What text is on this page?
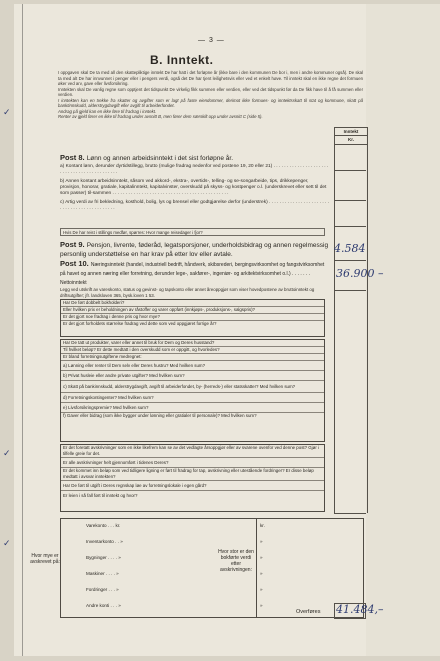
— 3 —
B. Inntekt.

I oppgaven skal De ta med all den skattepliktige inntekt De har hatt i det forløpne år (ikke bare i den kommunen De bor i, men i andre kommuner også). De skal ta med alt De har innvunnet i penger eller i pengers verdi, også det De har tjent leilighetsvis eller ved et enkelt høve. Til inntekt skal en ikke regne det formuen øker ved arv, gave eller livsforsikring.

Inntekten skal De vanlig regne som opptjent det tidspunkt De virkelig fikk summen eller verdien, eller ved det tidspunkt før da De fikk have til å få summen eller verdien.

I inntekten kan en trekke fra skatter og avgifter som er lagt på faste eiendommer, derimot ikke formues- og inntektsskatt til stat og kommune, skatt på banktinnskudd, alderstrygdavgift eller avgift til arbeiderfondet.

Andrag på gjeld kan en ikke føre til fradrag i inntekt.

Renter av gjeld fører en ikke til fradrag under avsnitt B, men fører dem særskilt opp under avsnitt C (side 5).

Inntekt
Kr.
Post 8. Lønn og annen arbeidsinntekt i det sist forløpne år.
a) Kontant lønn, derunder dyrtidstillegg, brutto (mulige fradrag nedenfor ved postene 19, 20 eller 21) . . . . . . . . . . . . . . . . . . . . . . . . . . . . . . . . . . . . . . . . . . .
b) Annen kontant arbeidsinntekt, såsom ved akkord-, ekstra-, overtids-, telling- og se-songarbeide, tips, drikkepenger, provisjon, honorar, gratiale, kapitalinntekt, kapitalvinster, overskudd på skyss- og kostpenger o.l. (underskrevet eller sett til det som passer) til-sammen . . . . . . . . . . . . . . . . . . . . . . . . . . . . . . . . . . . . . . . . . . . .
c) Artig verdi av fri bekledning, kosthold, bolig, lys og brensel eller godtgjørelse derfor (understrek) . . . . . . . . . . . . . . . . . . . . . . . . . . . . . . . . . . . . . . . . . . . .
Hvis De har reist i stillings medfør, spørres: Hvor mange reisedager i fjor?
Post 9. Pensjon, livrente, føderåd, legatsporsjoner, underholdsbidrag og annen regelmessig personlig understøttelse en har krav på etter lov eller avtale.	4.584
Post 10. Næringsinntekt (handel, industriell bedrift, håndverk, skibsrederi, bergingsvirksomhet og fangstvirksomhet på havet og annen næring eller forretning, derunder lege-, sakfører-, ingeniør- og arkitektvirksomhet o.l.) . . . . . . . Nettoinntekt
Legg ved utskrift av vareskonto, status og gevinst- og tapskonto eller annet åreoppgjør som viser hovedpostene av bruttoinntekt og driftsutgifter; jfr. landsloven 365, bysk.loven 1 53.
36.900 –
Har De ført dobbelt bokholderi?
Eller hvilken prix er beholdningen av råstoffer og varer oppført (innkjøps-, produksjons-, salgspris)?
Er det gjort noe fradrag i denne pris og hvor mye?
Er det gjort forholdets størrelse fradrag ved dette som ved oppgjøret forrige år?
Har De tatt ut produkter, varer eller annet til bruk for Dem og Deres husstand?
Til hvilket beløp? Er dette medtatt i den overskudd som er oppgitt, og hvorledes?
Er bland forretningsutgiftene medregnet:
a) Lønning eller renter til Dem selv eller Deres hustru? Med hvilken sum?
b) Privat husleie eller andre private utgifter? Med hvilken sum?
c) Skatt på bankinnskudd, alderstrygdavgift, avgift til arbeiderfondet, by- (herreds-) eller statsskatter? Med hvilken sum?
d) Forretningskontingenter? Med hvilken sum?
e) Livsforsikringspremie? Med hvilken sum?
f) Gaver eller bidrag (som ikke bygger under lønning eller gratialer til personale)? Med hvilken sum?
Er det foretatt avskrivninger som en ikke likefrem kan se av det vedlagte årsoppgjør eller av svarene ovenfor ved denne post? Gjør i tilfelle greie for det.
Er alle avskrivninger helt gjennomført i tidenes Deres?
Er det kommet inn beløp som ved tidligere ligning er ført til fradrag for tap, avskrivning eller utestående fordringer? Er disse beløp medtatt i avsvar inntekten?
Har De ført til utgift i Deres regnskap løe av forretningslokale i egen gård?
Er leien i så fall ført til inntekt og hvor?
✓
✓
✓
Hvor mye er avskrevet på:
Varekonto . . . kr.
Inventarkonto . . »
Bygninger . . . . »
Maskiner . . . . »
Fordringer . . . »
Andre konti . . . »
Hvor stor er den bokførte verdi etter avskrivningen:
kr.
»
»
»
»
»
Overføres 41.484,–
